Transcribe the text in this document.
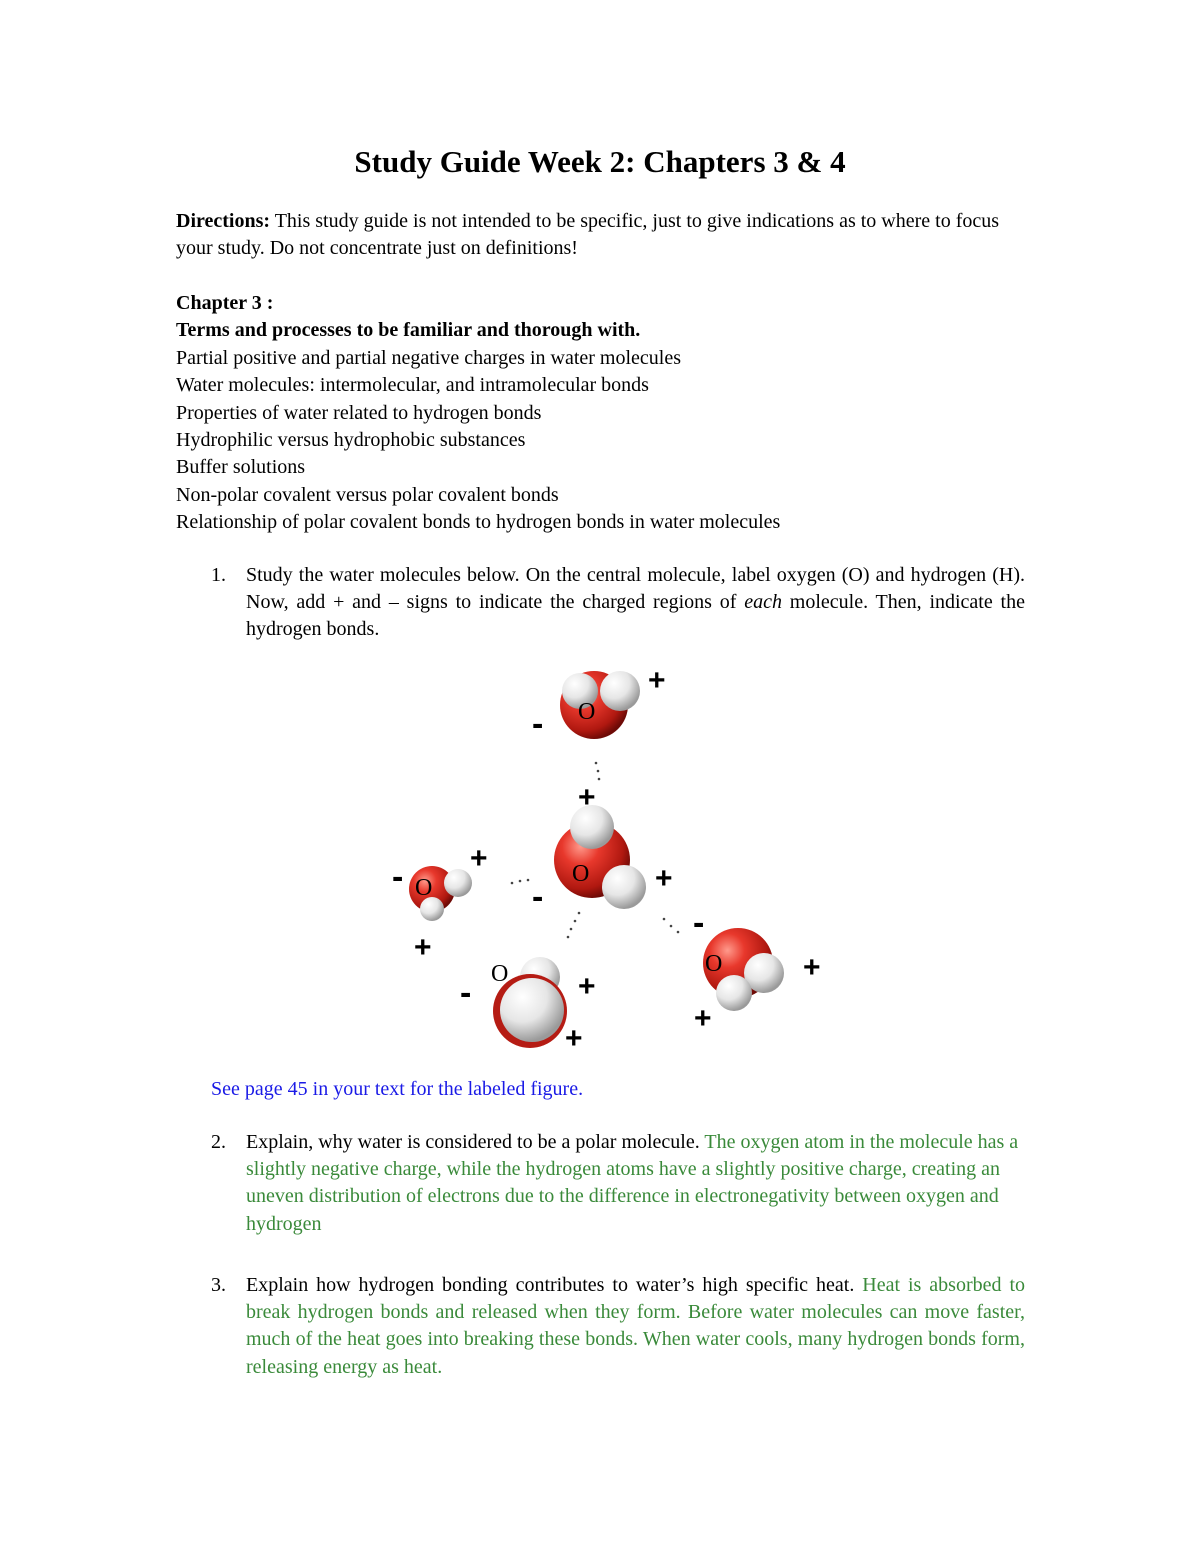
Study Guide Week 2: Chapters 3 & 4
Directions: This study guide is not intended to be specific, just to give indications as to where to focus your study. Do not concentrate just on definitions!
Chapter 3 :
Terms and processes to be familiar and thorough with.
Partial positive and partial negative charges in water molecules
Water molecules: intermolecular, and intramolecular bonds
Properties of water related to hydrogen bonds
Hydrophilic versus hydrophobic substances
Buffer solutions
Non-polar covalent versus polar covalent bonds
Relationship of polar covalent bonds to hydrogen bonds in water molecules
1. Study the water molecules below. On the central molecule, label oxygen (O) and hydrogen (H). Now, add + and – signs to indicate the charged regions of each molecule. Then, indicate the hydrogen bonds.
O
O
O
O	O
+
-
+
- +
-	+
+
-
-	+
+
+
+
See page 45 in your text for the labeled figure.
2. Explain, why water is considered to be a polar molecule. The oxygen atom in the molecule has a slightly negative charge, while the hydrogen atoms have a slightly positive charge, creating an uneven distribution of electrons due to the difference in electronegativity between oxygen and hydrogen
3. Explain how hydrogen bonding contributes to water’s high specific heat. Heat is absorbed to break hydrogen bonds and released when they form. Before water molecules can move faster, much of the heat goes into breaking these bonds. When water cools, many hydrogen bonds form, releasing energy as heat.
